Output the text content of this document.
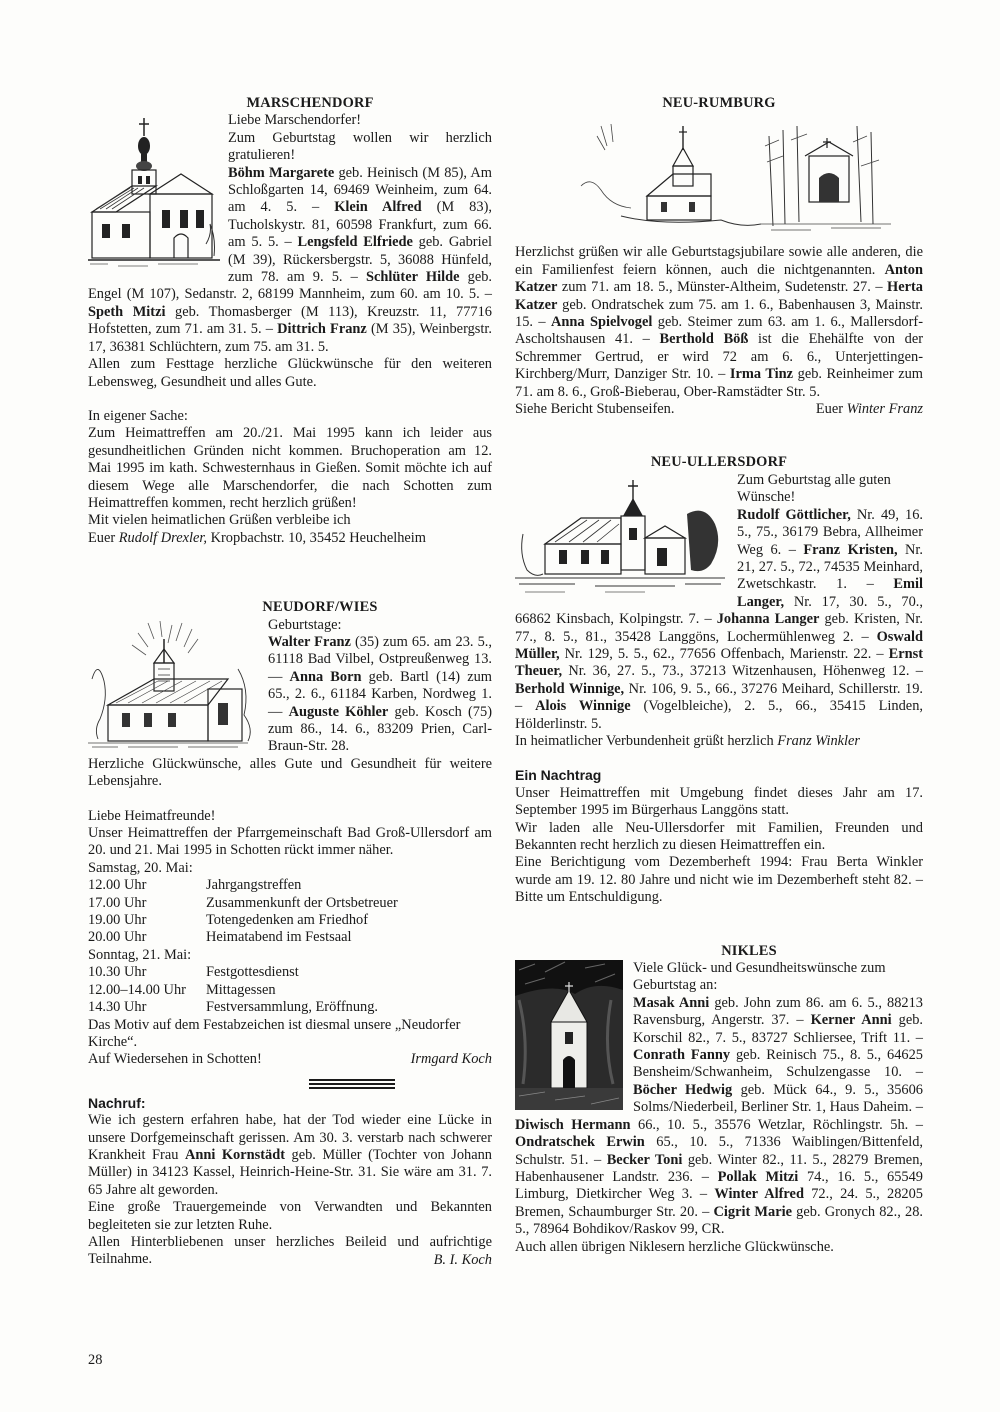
MARSCHENDORF

Liebe Marschendorfer!

Zum Geburtstag wollen wir herzlich gratulieren!

Böhm Margarete geb. Heinisch (M 85), Am Schloßgarten 14, 69469 Weinheim, zum 64. am 4. 5. – Klein Alfred (M 83), Tucholskystr. 81, 60598 Frankfurt, zum 66. am 5. 5. – Lengsfeld Elfriede geb. Gabriel (M 39), Rückersbergstr. 5, 36088 Hünfeld, zum 78. am 9. 5. – Schlüter Hilde geb. Engel (M 107), Sedanstr. 2, 68199 Mannheim, zum 60. am 10. 5. – Speth Mitzi geb. Thomasberger (M 113), Kreuzstr. 11, 77716 Hofstetten, zum 71. am 31. 5. – Dittrich Franz (M 35), Weinbergstr. 17, 36381 Schlüchtern, zum 75. am 31. 5.

Allen zum Festtage herzliche Glückwünsche für den weiteren Lebensweg, Gesundheit und alles Gute.

In eigener Sache:

Zum Heimattreffen am 20./21. Mai 1995 kann ich leider aus gesundheitlichen Gründen nicht kommen. Bruchoperation am 12. Mai 1995 im kath. Schwesternhaus in Gießen. Somit möchte ich auf diesem Wege alle Marschendorfer, die nach Schotten zum Heimattreffen kommen, recht herzlich grüßen!

Mit vielen heimatlichen Grüßen verbleibe ich

Euer Rudolf Drexler, Kropbachstr. 10, 35452 Heuchelheim

NEUDORF/WIES

Geburtstage:

Walter Franz (35) zum 65. am 23. 5., 61118 Bad Vilbel, Ostpreußenweg 13. — Anna Born geb. Bartl (14) zum 65., 2. 6., 61184 Karben, Nordweg 1. — Auguste Köhler geb. Kosch (75) zum 86., 14. 6., 83209 Prien, Carl-Braun-Str. 28.

Herzliche Glückwünsche, alles Gute und Gesundheit für weitere Lebensjahre.

Liebe Heimatfreunde!

Unser Heimattreffen der Pfarrgemeinschaft Bad Groß-Ullersdorf am 20. und 21. Mai 1995 in Schotten rückt immer näher.

Samstag, 20. Mai:

12.00 Uhr	Jahrgangstreffen
17.00 Uhr	Zusammenkunft der Ortsbetreuer
19.00 Uhr	Totengedenken am Friedhof
20.00 Uhr	Heimatabend im Festsaal

Sonntag, 21. Mai:

10.30 Uhr	Festgottesdienst
12.00–14.00 Uhr	Mittagessen
14.30 Uhr	Festversammlung, Eröffnung.

Das Motiv auf dem Festabzeichen ist diesmal unsere „Neudorfer Kirche“.

Auf Wiedersehen in Schotten!	Irmgard Koch
Nachruf:

Wie ich gestern erfahren habe, hat der Tod wieder eine Lücke in unsere Dorfgemeinschaft gerissen. Am 30. 3. verstarb nach schwerer Krankheit Frau Anni Kornstädt geb. Müller (Tochter von Johann Müller) in 34123 Kassel, Heinrich-Heine-Str. 31. Sie wäre am 31. 7. 65 Jahre alt geworden.

Eine große Trauergemeinde von Verwandten und Bekannten begleiteten sie zur letzten Ruhe.

Allen Hinterbliebenen unser herzliches Beileid und aufrichtige Teilnahme.	B. I. Koch
NEU-RUMBURG

Herzlichst grüßen wir alle Geburtstagsjubilare sowie alle anderen, die ein Familienfest feiern können, auch die nichtgenannten. Anton Katzer zum 71. am 18. 5., Münster-Altheim, Sudetenstr. 27. – Herta Katzer geb. Ondratschek zum 75. am 1. 6., Babenhausen 3, Mainstr. 15. – Anna Spielvogel geb. Steimer zum 63. am 1. 6., Mallersdorf-Ascholtshausen 41. – Berthold Böß ist die Ehehälfte von der Schremmer Gertrud, er wird 72 am 6. 6., Unterjettingen-Kirchberg/Murr, Danziger Str. 10. – Irma Tinz geb. Reinheimer zum 71. am 8. 6., Groß-Bieberau, Ober-Ramstädter Str. 5.

Siehe Bericht Stubenseifen.	Euer Winter Franz
NEU-ULLERSDORF

Zum Geburtstag alle guten Wünsche!

Rudolf Göttlicher, Nr. 49, 16. 5., 75., 36179 Bebra, Allheimer Weg 6. – Franz Kristen, Nr. 21, 27. 5., 72., 74535 Meinhard, Zwetschkastr. 1. – Emil Langer, Nr. 17, 30. 5., 70., 66862 Kinsbach, Kolpingstr. 7. – Johanna Langer geb. Kristen, Nr. 77., 8. 5., 81., 35428 Langgöns, Lochermühlenweg 2. – Oswald Müller, Nr. 129, 5. 5., 62., 77656 Offenbach, Marienstr. 22. – Ernst Theuer, Nr. 36, 27. 5., 73., 37213 Witzenhausen, Höhenweg 12. – Berhold Winnige, Nr. 106, 9. 5., 66., 37276 Meihard, Schillerstr. 19. – Alois Winnige (Vogelbleiche), 2. 5., 66., 35415 Linden, Hölderlinstr. 5.

In heimatlicher Verbundenheit grüßt herzlich Franz Winkler

Ein Nachtrag

Unser Heimattreffen mit Umgebung findet dieses Jahr am 17. September 1995 im Bürgerhaus Langgöns statt.

Wir laden alle Neu-Ullersdorfer mit Familien, Freunden und Bekannten recht herzlich zu diesen Heimattreffen ein.

Eine Berichtigung vom Dezemberheft 1994: Frau Berta Winkler wurde am 19. 12. 80 Jahre und nicht wie im Dezemberheft steht 82. – Bitte um Entschuldigung.

NIKLES

Viele Glück- und Gesundheitswünsche zum Geburtstag an:

Masak Anni geb. John zum 86. am 6. 5., 88213 Ravensburg, Angerstr. 37. – Kerner Anni geb. Korschil 82., 7. 5., 83727 Schliersee, Trift 11. – Conrath Fanny geb. Reinisch 75., 8. 5., 64625 Bensheim/Schwanheim, Schulzengasse 10. – Böcher Hedwig geb. Mück 64., 9. 5., 35606 Solms/Niederbeil, Berliner Str. 1, Haus Daheim. – Diwisch Hermann 66., 10. 5., 35576 Wetzlar, Röchlingstr. 5h. – Ondratschek Erwin 65., 10. 5., 71336 Waiblingen/Bittenfeld, Schulstr. 51. – Becker Toni geb. Winter 82., 11. 5., 28279 Bremen, Habenhausener Landstr. 236. – Pollak Mitzi 74., 16. 5., 65549 Limburg, Dietkircher Weg 3. – Winter Alfred 72., 24. 5., 28205 Bremen, Schaumburger Str. 20. – Cigrit Marie geb. Gronych 82., 28. 5., 78964 Bohdikov/Raskov 99, CR.

Auch allen übrigen Niklesern herzliche Glückwünsche.

28
